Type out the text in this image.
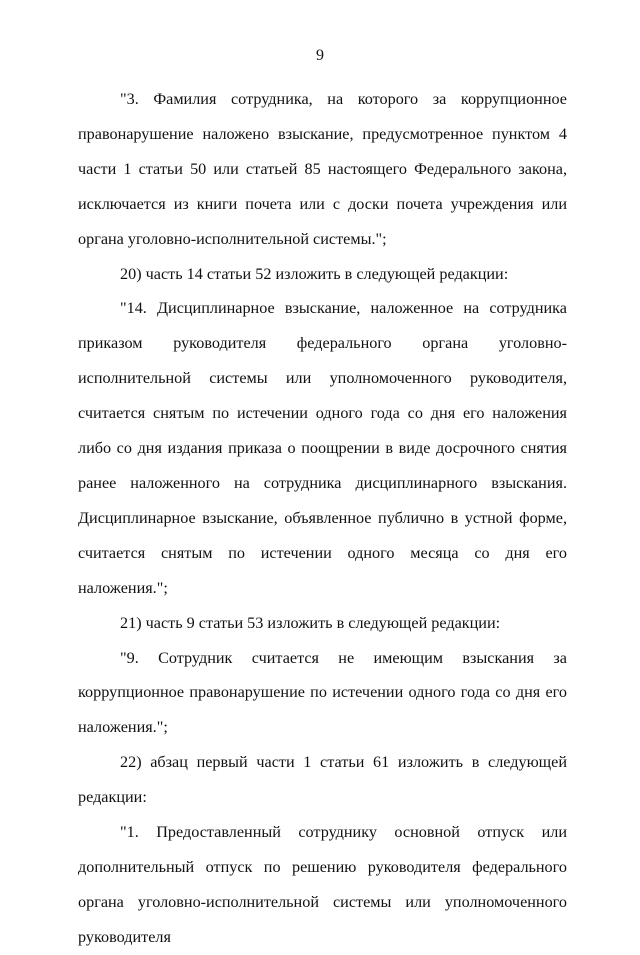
9

"3. Фамилия сотрудника, на которого за коррупционное правонарушение наложено взыскание, предусмотренное пунктом 4 части 1 статьи 50 или статьей 85 настоящего Федерального закона, исключается из книги почета или с доски почета учреждения или органа уголовно-исполнительной системы.";

20) часть 14 статьи 52 изложить в следующей редакции:

"14. Дисциплинарное взыскание, наложенное на сотрудника приказом руководителя федерального органа уголовно-исполнительной системы или уполномоченного руководителя, считается снятым по истечении одного года со дня его наложения либо со дня издания приказа о поощрении в виде досрочного снятия ранее наложенного на сотрудника дисциплинарного взыскания. Дисциплинарное взыскание, объявленное публично в устной форме, считается снятым по истечении одного месяца со дня его наложения.";

21) часть 9 статьи 53 изложить в следующей редакции:

"9. Сотрудник считается не имеющим взыскания за коррупционное правонарушение по истечении одного года со дня его наложения.";

22) абзац первый части 1 статьи 61 изложить в следующей редакции:

"1. Предоставленный сотруднику основной отпуск или дополнительный отпуск по решению руководителя федерального органа уголовно-исполнительной системы или уполномоченного руководителя
